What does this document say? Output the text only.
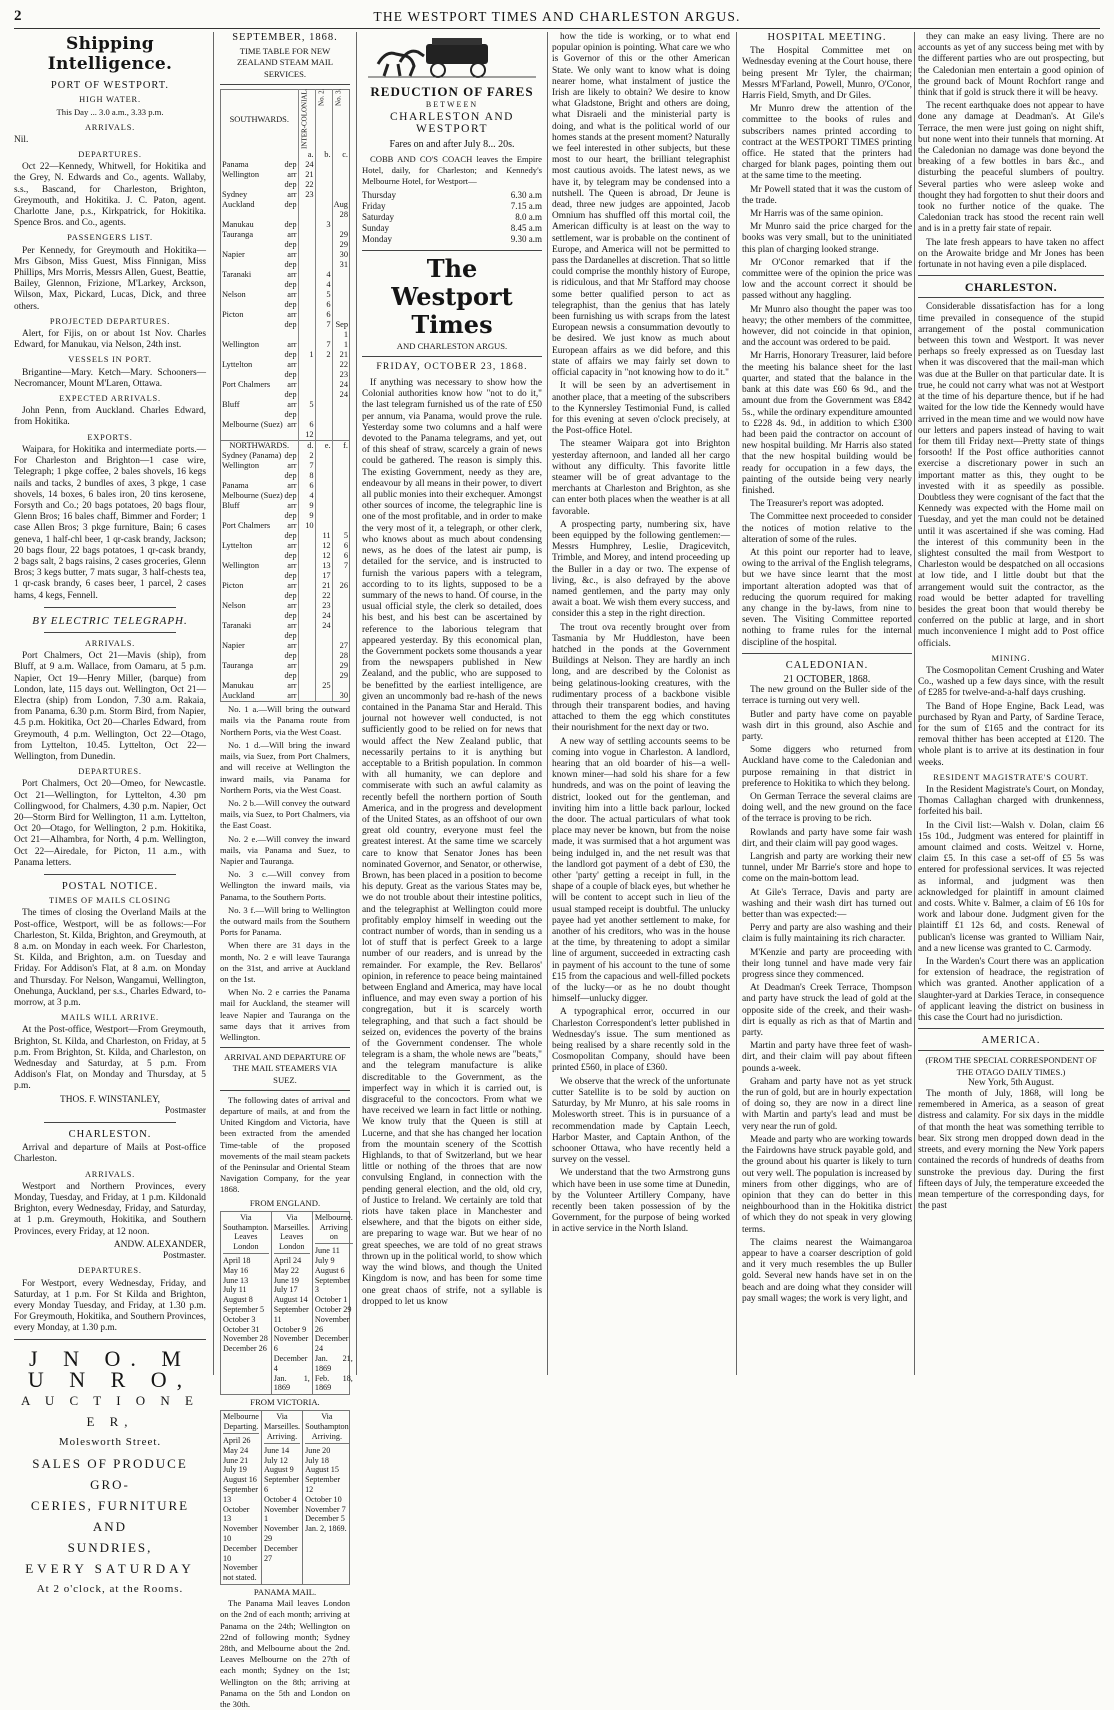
2	THE WESTPORT TIMES AND CHARLESTON ARGUS.
Shipping Intelligence.
PORT OF WESTPORT.
HIGH WATER.
This Day ... 3.0 a.m., 3.33 p.m.
ARRIVALS.

Nil.

DEPARTURES.

Oct 22—Kennedy, Whitwell, for Hokitika and the Grey, N. Edwards and Co., agents. Wallaby, s.s., Bascand, for Charleston, Brighton, Greymouth, and Hokitika. J. C. Paton, agent. Charlotte Jane, p.s., Kirkpatrick, for Hokitika. Spence Bros. and Co., agents.

PASSENGERS LIST.

Per Kennedy, for Greymouth and Hokitika—Mrs Gibson, Miss Guest, Miss Finnigan, Miss Phillips, Mrs Morris, Messrs Allen, Guest, Beattie, Bailey, Glennon, Frizione, M'Larkey, Arckson, Wilson, Max, Pickard, Lucas, Dick, and three others.

PROJECTED DEPARTURES.

Alert, for Fijis, on or about 1st Nov. Charles Edward, for Manukau, via Nelson, 24th inst.

VESSELS IN PORT.

Brigantine—Mary. Ketch—Mary. Schooners—Necromancer, Mount M'Laren, Ottawa.

EXPECTED ARRIVALS.

John Penn, from Auckland. Charles Edward, from Hokitika.

EXPORTS.

Waipara, for Hokitika and intermediate ports.—For Charleston and Brighton—1 case wire, Telegraph; 1 pkge coffee, 2 bales shovels, 16 kegs nails and tacks, 2 bundles of axes, 3 pkge, 1 case shovels, 14 boxes, 6 bales iron, 20 tins kerosene, Forsyth and Co.; 20 bags potatoes, 20 bags flour, Glenn Bros; 16 bales chaff, Bimmer and Forder; 1 case Allen Bros; 3 pkge furniture, Bain; 6 cases geneva, 1 half-chl beer, 1 qr-cask brandy, Jackson; 20 bags flour, 22 bags potatoes, 1 qr-cask brandy, 2 bags salt, 2 bags raisins, 2 cases groceries, Glenn Bros; 3 kegs butter, 7 mats sugar, 3 half-chests tea, 1 qr-cask brandy, 6 cases beer, 1 parcel, 2 cases hams, 4 kegs, Fennell.

BY ELECTRIC TELEGRAPH.
ARRIVALS.

Port Chalmers, Oct 21—Mavis (ship), from Bluff, at 9 a.m. Wallace, from Oamaru, at 5 p.m. Napier, Oct 19—Henry Miller, (barque) from London, late, 115 days out. Wellington, Oct 21—Electra (ship) from London, 7.30 a.m. Rakaia, from Panama, 6.30 p.m. Storm Bird, from Napier, 4.5 p.m. Hokitika, Oct 20—Charles Edward, from Greymouth, 4 p.m. Wellington, Oct 22—Otago, from Lyttelton, 10.45. Lyttelton, Oct 22—Wellington, from Dunedin.

DEPARTURES.

Port Chalmers, Oct 20—Omeo, for Newcastle. Oct 21—Wellington, for Lyttelton, 4.30 pm Collingwood, for Chalmers, 4.30 p.m. Napier, Oct 20—Storm Bird for Wellington, 11 a.m. Lyttelton, Oct 20—Otago, for Wellington, 2 p.m. Hokitika, Oct 21—Alhambra, for North, 4 p.m. Wellington, Oct 22—Airedale, for Picton, 11 a.m., with Panama letters.

POSTAL NOTICE.
TIMES OF MAILS CLOSING

The times of closing the Overland Mails at the Post-office, Westport, will be as follows:—For Charleston, St. Kilda, Brighton, and Greymouth, at 8 a.m. on Monday in each week. For Charleston, St. Kilda, and Brighton, a.m. on Tuesday and Friday. For Addison's Flat, at 8 a.m. on Monday and Thursday. For Nelson, Wangamui, Wellington, Onehunga, Auckland, per s.s., Charles Edward, to-morrow, at 3 p.m.

MAILS WILL ARRIVE.

At the Post-office, Westport—From Greymouth, Brighton, St. Kilda, and Charleston, on Friday, at 5 p.m. From Brighton, St. Kilda, and Charleston, on Wednesday and Saturday, at 5 p.m. From Addison's Flat, on Monday and Thursday, at 5 p.m.

THOS. F. WINSTANLEY,
Postmaster
CHARLESTON.

Arrival and departure of Mails at Post-office Charleston.

ARRIVALS.

Westport and Northern Provinces, every Monday, Tuesday, and Friday, at 1 p.m. Kildonald Brighton, every Wednesday, Friday, and Saturday, at 1 p.m. Greymouth, Hokitika, and Southern Provinces, every Friday, at 12 noon.

ANDW. ALEXANDER,
Postmaster.
DEPARTURES.

For Westport, every Wednesday, Friday, and Saturday, at 1 p.m. For St Kilda and Brighton, every Monday Tuesday, and Friday, at 1.30 p.m. For Greymouth, Hokitika, and Southern Provinces, every Monday, at 1.30 p.m.

J N O. M U N R O,
A U C T I O N E E R,
Molesworth Street.
SALES OF PRODUCE GRO-
CERIES, FURNITURE AND
SUNDRIES,
EVERY SATURDAY
At 2 o'clock, at the Rooms.
SEPTEMBER, 1868.
TIME TABLE FOR NEW ZEALAND STEAM MAIL SERVICES.
SOUTHWARDS.	INTER-COLONIAL.	No. 2.	No. 3.
	a.	b.	c.
Panama dep	24		
Wellington arr	21		

dep	22		
Sydney arr	23		
Auckland dep			Aug 28
Manukau dep		3	
Tauranga arr			29

dep			29
Napier arr			30

dep			31
Taranaki arr		4	

dep		4	
Nelson arr		5	

dep		6	
Picton arr		6	

dep		7	Sep 1
Wellington arr		7	1

dep	1	2	21
Lyttelton arr			22

dep			23
Port Chalmers arr			24

dep			24
Bluff arr	5		

dep			

Melbourne (Suez) arr	6		

	12		
NORTHWARDS.	d.	e.	f.
Sydney (Panama) dep	2		
Wellington arr	7		

dep	8		
Panama arr	6		
Melbourne (Suez) dep	4		
Bluff arr	9		

dep	9		
Port Chalmers arr	10		

dep		11	5
Lyttelton arr		12	6

dep		12	6
Wellington arr		13	7

dep		17	
Picton arr		21	26

dep		22	
Nelson arr		23	

dep		24	
Taranaki arr		24	

dep			

Napier arr			27

dep			28
Tauranga arr			29

dep			29
Manukau arr		25	
Auckland arr			30

No. 1 a.—Will bring the outward mails via the Panama route from Northern Ports, via the West Coast.

No. 1 d.—Will bring the inward mails, via Suez, from Port Chalmers, and will receive at Wellington the inward mails, via Panama for Northern Ports, via the West Coast.

No. 2 b.—Will convey the outward mails, via Suez, to Port Chalmers, via the East Coast.

No. 2 e.—Will convey the inward mails, via Panama and Suez, to Napier and Tauranga.

No. 3 c.—Will convey from Wellington the inward mails, via Panama, to the Southern Ports.

No. 3 f.—Will bring to Wellington the outward mails from the Southern Ports for Panama.

When there are 31 days in the month, No. 2 e will leave Tauranga on the 31st, and arrive at Auckland on the 1st.

When No. 2 e carries the Panama mail for Auckland, the steamer will leave Napier and Tauranga on the same days that it arrives from Wellington.

ARRIVAL AND DEPARTURE OF THE MAIL STEAMERS VIA SUEZ.

The following dates of arrival and departure of mails, at and from the United Kingdom and Victoria, have been extracted from the amended Time-table of the proposed movements of the mail steam packets of the Peninsular and Oriental Steam Navigation Company, for the year 1868.

FROM ENGLAND.
Via Southampton. Leaves London
April 18
May 16
June 13
July 11
August 8
September 5
October 3
October 31
November 28
December 26
Via Marseilles. Leaves London
April 24
May 22
June 19
July 17
August 14
September 11
October 9
November 6
December 4
Jan. 1, 1869
Melbourne. Arriving on
June 11
July 9
August 6
September 3
October 1
October 29
November 26
December 24
Jan. 21, 1869
Feb. 18, 1869
FROM VICTORIA.
Melbourne Departing.
April 26
May 24
June 21
July 19
August 16
September 13
October 13
November 10
December 10
November not stated.
Via Marseilles. Arriving.
June 14
July 12
August 9
September 6
October 4
November 1
November 29
December 27
Via Southampton Arriving.
June 20
July 18
August 15
September 12
October 10
November 7
December 5
Jan. 2, 1869.
PANAMA MAIL.

The Panama Mail leaves London on the 2nd of each month; arriving at Panama on the 24th; Wellington on 22nd of following month; Sydney 28th, and Melbourne about the 2nd. Leaves Melbourne on the 27th of each month; Sydney on the 1st; Wellington on the 8th; arriving at Panama on the 5th and London on the 30th.

REDUCTION OF FARES
BETWEEN
CHARLESTON AND WESTPORT
Fares on and after July 8... 20s.

COBB AND CO'S COACH leaves the Empire Hotel, daily, for Charleston; and Kennedy's Melbourne Hotel, for Westport—

Thursday	6.30 a.m
Friday	7.15 a.m
Saturday	8.0 a.m
Sunday	8.45 a.m
Monday	9.30 a.m
The Westport Times
AND CHARLESTON ARGUS.
FRIDAY, OCTOBER 23, 1868.

If anything was necessary to show how the Colonial authorities know how "not to do it," the last telegram furnished us of the rate of £50 per annum, via Panama, would prove the rule. Yesterday some two columns and a half were devoted to the Panama telegrams, and yet, out of this sheaf of straw, scarcely a grain of news could be gathered. The reason is simply this. The existing Government, needy as they are, endeavour by all means in their power, to divert all public monies into their exchequer. Amongst other sources of income, the telegraphic line is one of the most profitable, and in order to make the very most of it, a telegraph, or other clerk, who knows about as much about condensing news, as he does of the latest air pump, is detailed for the service, and is instructed to furnish the various papers with a telegram, according to to its lights, supposed to be a summary of the news to hand. Of course, in the usual official style, the clerk so detailed, does his best, and his best can be ascertained by reference to the laborious telegram that appeared yesterday. By this economical plan, the Government pockets some thousands a year from the newspapers published in New Zealand, and the public, who are supposed to be benefitted by the earliest intelligence, are given an uncommonly bad re-hash of the news contained in the Panama Star and Herald. This journal not however well conducted, is not sufficiently good to be relied on for news that would affect the New Zealand public, that necessarily pertains to it is anything but acceptable to a British population. In common with all humanity, we can deplore and commiserate with such an awful calamity as recently befell the northern portion of South America, and in the progress and development of the United States, as an offshoot of our own great old country, everyone must feel the greatest interest. At the same time we scarcely care to know that Senator Jones has been nominated Governor, and Senator, or otherwise, Brown, has been placed in a position to become his deputy. Great as the various States may be, we do not trouble about their intestine politics, and the telegraphist at Wellington could more profitably employ himself in weeding out the contract number of words, than in sending us a lot of stuff that is perfect Greek to a large number of our readers, and is unread by the remainder. For example, the Rev. Bellaros' opinion, in reference to peace being maintained between England and America, may have local influence, and may even sway a portion of his congregation, but it is scarcely worth telegraphing, and that such a fact should be seized on, evidences the poverty of the brains of the Government condenser. The whole telegram is a sham, the whole news are "beats," and the telegram manufacture is alike discreditable to the Government, as the imperfect way in which it is carried out, is disgraceful to the concoctors. From what we have received we learn in fact little or nothing. We know truly that the Queen is still at Lucerne, and that she has changed her location from the mountain scenery of the Scottish Highlands, to that of Switzerland, but we hear little or nothing of the throes that are now convulsing England, in connection with the pending general election, and the old, old cry, of Justice to Ireland. We certainly are told that riots have taken place in Manchester and elsewhere, and that the bigots on either side, are preparing to wage war. But we hear of no great speeches, we are told of no great straws thrown up in the political world, to show which way the wind blows, and though the United Kingdom is now, and has been for some time one great chaos of strife, not a syllable is dropped to let us know

how the tide is working, or to what end popular opinion is pointing. What care we who is Governor of this or the other American State. We only want to know what is doing nearer home, what instalment of justice the Irish are likely to obtain? We desire to know what Gladstone, Bright and others are doing, what Disraeli and the ministerial party is doing, and what is the political world of our homes stands at the present moment? Naturally we feel interested in other subjects, but these most to our heart, the brilliant telegraphist most cautious avoids. The latest news, as we have it, by telegram may be condensed into a nutshell. The Queen is abroad, Dr Jeune is dead, three new judges are appointed, Jacob Omnium has shuffled off this mortal coil, the American difficulty is at least on the way to settlement, war is probable on the continent of Europe, and America will not be permitted to pass the Dardanelles at discretion. That so little could comprise the monthly history of Europe, is ridiculous, and that Mr Stafford may choose some better qualified person to act as telegraphist, than the genius that has lately been furnishing us with scraps from the latest European newsis a consummation devoutly to be desired. We just know as much about European affairs as we did before, and this state of affairs we may fairly set down to official capacity in "not knowing how to do it."

It will be seen by an advertisement in another place, that a meeting of the subscribers to the Kynnersley Testimonial Fund, is called for this evening at seven o'clock precisely, at the Post-office Hotel.

The steamer Waipara got into Brighton yesterday afternoon, and landed all her cargo without any difficulty. This favorite little steamer will be of great advantage to the merchants at Charleston and Brighton, as she can enter both places when the weather is at all favorable.

A prospecting party, numbering six, have been equipped by the following gentlemen:—Messrs Humphrey, Leslie, Dragicevitch, Trimble, and Morey, and intend proceeding up the Buller in a day or two. The expense of living, &c., is also defrayed by the above named gentlemen, and the party may only await a boat. We wish them every success, and consider this a step in the right direction.

The trout ova recently brought over from Tasmania by Mr Huddleston, have been hatched in the ponds at the Government Buildings at Nelson. They are hardly an inch long, and are described by the Colonist as being gelatinous-looking creatures, with the rudimentary process of a backbone visible through their transparent bodies, and having attached to them the egg which constitutes their nourishment for the next day or two.

A new way of settling accounts seems to be coming into vogue in Charleston. A landlord, hearing that an old boarder of his—a well-known miner—had sold his share for a few hundreds, and was on the point of leaving the district, looked out for the gentleman, and inviting him into a little back parlour, locked the door. The actual particulars of what took place may never be known, but from the noise made, it was surmised that a hot argument was being indulged in, and the net result was that the landlord got payment of a debt of £30, the other 'party' getting a receipt in full, in the shape of a couple of black eyes, but whether he will be content to accept such in lieu of the usual stamped receipt is doubtful. The unlucky payee had yet another settlement to make, for another of his creditors, who was in the house at the time, by threatening to adopt a similar line of argument, succeeded in extracting cash in payment of his account to the tune of some £15 from the capacious and well-filled pockets of the lucky—or as he no doubt thought himself—unlucky digger.

A typographical error, occurred in our Charleston Correspondent's letter published in Wednesday's issue. The sum mentioned as being realised by a share recently sold in the Cosmopolitan Company, should have been printed £560, in place of £360.

We observe that the wreck of the unfortunate cutter Satellite is to be sold by auction on Saturday, by Mr Munro, at his sale rooms in Molesworth street. This is in pursuance of a recommendation made by Captain Leech, Harbor Master, and Captain Anthon, of the schooner Ottawa, who have recently held a survey on the vessel.

We understand that the two Armstrong guns which have been in use some time at Dunedin, by the Volunteer Artillery Company, have recently been taken possession of by the Government, for the purpose of being worked in active service in the North Island.

HOSPITAL MEETING.

The Hospital Committee met on Wednesday evening at the Court house, there being present Mr Tyler, the chairman; Messrs M'Farland, Powell, Munro, O'Conor, Harris Field, Smyth, and Dr Giles.

Mr Munro drew the attention of the committee to the books of rules and subscribers names printed according to contract at the WESTPORT TIMES printing office. He stated that the printers had charged for blank pages, pointing them out at the same time to the meeting.

Mr Powell stated that it was the custom of the trade.

Mr Harris was of the same opinion.

Mr Munro said the price charged for the books was very small, but to the uninitiated this plan of charging looked strange.

Mr O'Conor remarked that if the committee were of the opinion the price was low and the account correct it should be passed without any haggling.

Mr Munro also thought the paper was too heavy; the other members of the committee, however, did not coincide in that opinion, and the account was ordered to be paid.

Mr Harris, Honorary Treasurer, laid before the meeting his balance sheet for the last quarter, and stated that the balance in the bank at this date was £60 6s 9d., and the amount due from the Government was £842 5s., while the ordinary expenditure amounted to £228 4s. 9d., in addition to which £300 had been paid the contractor on account of new hospital building. Mr Harris also stated that the new hospital building would be ready for occupation in a few days, the painting of the outside being very nearly finished.

The Treasurer's report was adopted.

The Committee next proceeded to consider the notices of motion relative to the alteration of some of the rules.

At this point our reporter had to leave, owing to the arrival of the English telegrams, but we have since learnt that the most important alteration adopted was that of reducing the quorum required for making any change in the by-laws, from nine to seven. The Visiting Committee reported nothing to frame rules for the internal discipline of the hospital.

CALEDONIAN.
21 OCTOBER, 1868.

The new ground on the Buller side of the terrace is turning out very well.

Butler and party have come on payable wash dirt in this ground, also Aschie and party.

Some diggers who returned from Auckland have come to the Caledonian and purpose remaining in that district in preference to Hokitika to which they belong.

On German Terrace the several claims are doing well, and the new ground on the face of the terrace is proving to be rich.

Rowlands and party have some fair wash dirt, and their claim will pay good wages.

Langrish and party are working their new tunnel, under Mr Barrie's store and hope to come on the main-bottom lead.

At Gile's Terrace, Davis and party are washing and their wash dirt has turned out better than was expected:—

Perry and party are also washing and their claim is fully maintaining its rich character.

M'Kenzie and party are proceeding with their long tunnel and have made very fair progress since they commenced.

At Deadman's Creek Terrace, Thompson and party have struck the lead of gold at the opposite side of the creek, and their wash-dirt is equally as rich as that of Martin and party.

Martin and party have three feet of wash-dirt, and their claim will pay about fifteen pounds a-week.

Graham and party have not as yet struck the run of gold, but are in hourly expectation of doing so, they are now in a direct line with Martin and party's lead and must be very near the run of gold.

Meade and party who are working towards the Fairdowns have struck payable gold, and the ground about his quarter is likely to turn out very well. The population is increased by miners from other diggings, who are of opinion that they can do better in this neighbourhood than in the Hokitika district of which they do not speak in very glowing terms.

The claims nearest the Waimangaroa appear to have a coarser description of gold and it very much resembles the up Buller gold. Several new hands have set in on the beach and are doing what they consider will pay small wages; the work is very light, and

they can make an easy living. There are no accounts as yet of any success being met with by the different parties who are out prospecting, but the Caledonian men entertain a good opinion of the ground back of Mount Rochfort range and think that if gold is struck there it will be heavy.

The recent earthquake does not appear to have done any damage at Deadman's. At Gile's Terrace, the men were just going on night shift, but none went into their tunnels that morning. At the Caledonian no damage was done beyond the breaking of a few bottles in bars &c., and disturbing the peaceful slumbers of poultry. Several parties who were asleep woke and thought they had forgotten to shut their doors and took no further notice of the quake. The Caledonian track has stood the recent rain well and is in a pretty fair state of repair.

The late fresh appears to have taken no affect on the Arowaite bridge and Mr Jones has been fortunate in not having even a pile displaced.

CHARLESTON.

Considerable dissatisfaction has for a long time prevailed in consequence of the stupid arrangement of the postal communication between this town and Westport. It was never perhaps so freely expressed as on Tuesday last when it was discovered that the mail-man which was due at the Buller on that particular date. It is true, he could not carry what was not at Westport at the time of his departure thence, but if he had waited for the low tide the Kennedy would have arrived in the mean time and we would now have our letters and papers instead of having to wait for them till Friday next—Pretty state of things forsooth! If the Post office authorities cannot exercise a discretionary power in such an important matter as this, they ought to be invested with it as speedily as possible. Doubtless they were cognisant of the fact that the Kennedy was expected with the Home mail on Tuesday, and yet the man could not be detained until it was ascertained if she was coming. Had the interest of this community been in the slightest consulted the mail from Westport to Charleston would be despatched on all occasions at low tide, and I little doubt but that the arrangement would suit the contractor, as the road would be better adapted for travelling besides the great boon that would thereby be conferred on the public at large, and in short much inconvenience I might add to Post office officials.

MINING.

The Cosmopolitan Cement Crushing and Water Co., washed up a few days since, with the result of £285 for twelve-and-a-half days crushing.

The Band of Hope Engine, Back Lead, was purchased by Ryan and Party, of Sardine Terace, for the sum of £165 and the contract for its removal thither has been accepted at £120. The whole plant is to arrive at its destination in four weeks.

RESIDENT MAGISTRATE'S COURT.

In the Resident Magistrate's Court, on Monday, Thomas Callaghan charged with drunkenness, forfeited his bail.

In the Civil list:—Walsh v. Dolan, claim £6 15s 10d., Judgment was entered for plaintiff in amount claimed and costs. Weitzel v. Horne, claim £5. In this case a set-off of £5 5s was entered for professional services. It was rejected as informal, and judgment was then acknowledged for plaintiff in amount claimed and costs. White v. Balmer, a claim of £6 10s for work and labour done. Judgment given for the plaintiff £1 12s 6d, and costs. Renewal of publican's license was granted to William Nair, and a new license was granted to C. Carmody.

In the Warden's Court there was an application for extension of headrace, the registration of which was granted. Another application of a slaughter-yard at Darkies Terace, in consequence of applicant leaving the district on business in this case the Court had no jurisdiction.

AMERICA.
(FROM THE SPECIAL CORRESPONDENT OF THE OTAGO DAILY TIMES.)
New York, 5th August.

The month of July, 1868, will long be remembered in America, as a season of great distress and calamity. For six days in the middle of that month the heat was something terrible to bear. Six strong men dropped down dead in the streets, and every morning the New York papers contained the records of hundreds of deaths from sunstroke the previous day. During the first fifteen days of July, the temperature exceeded the mean temperture of the corresponding days, for the past
